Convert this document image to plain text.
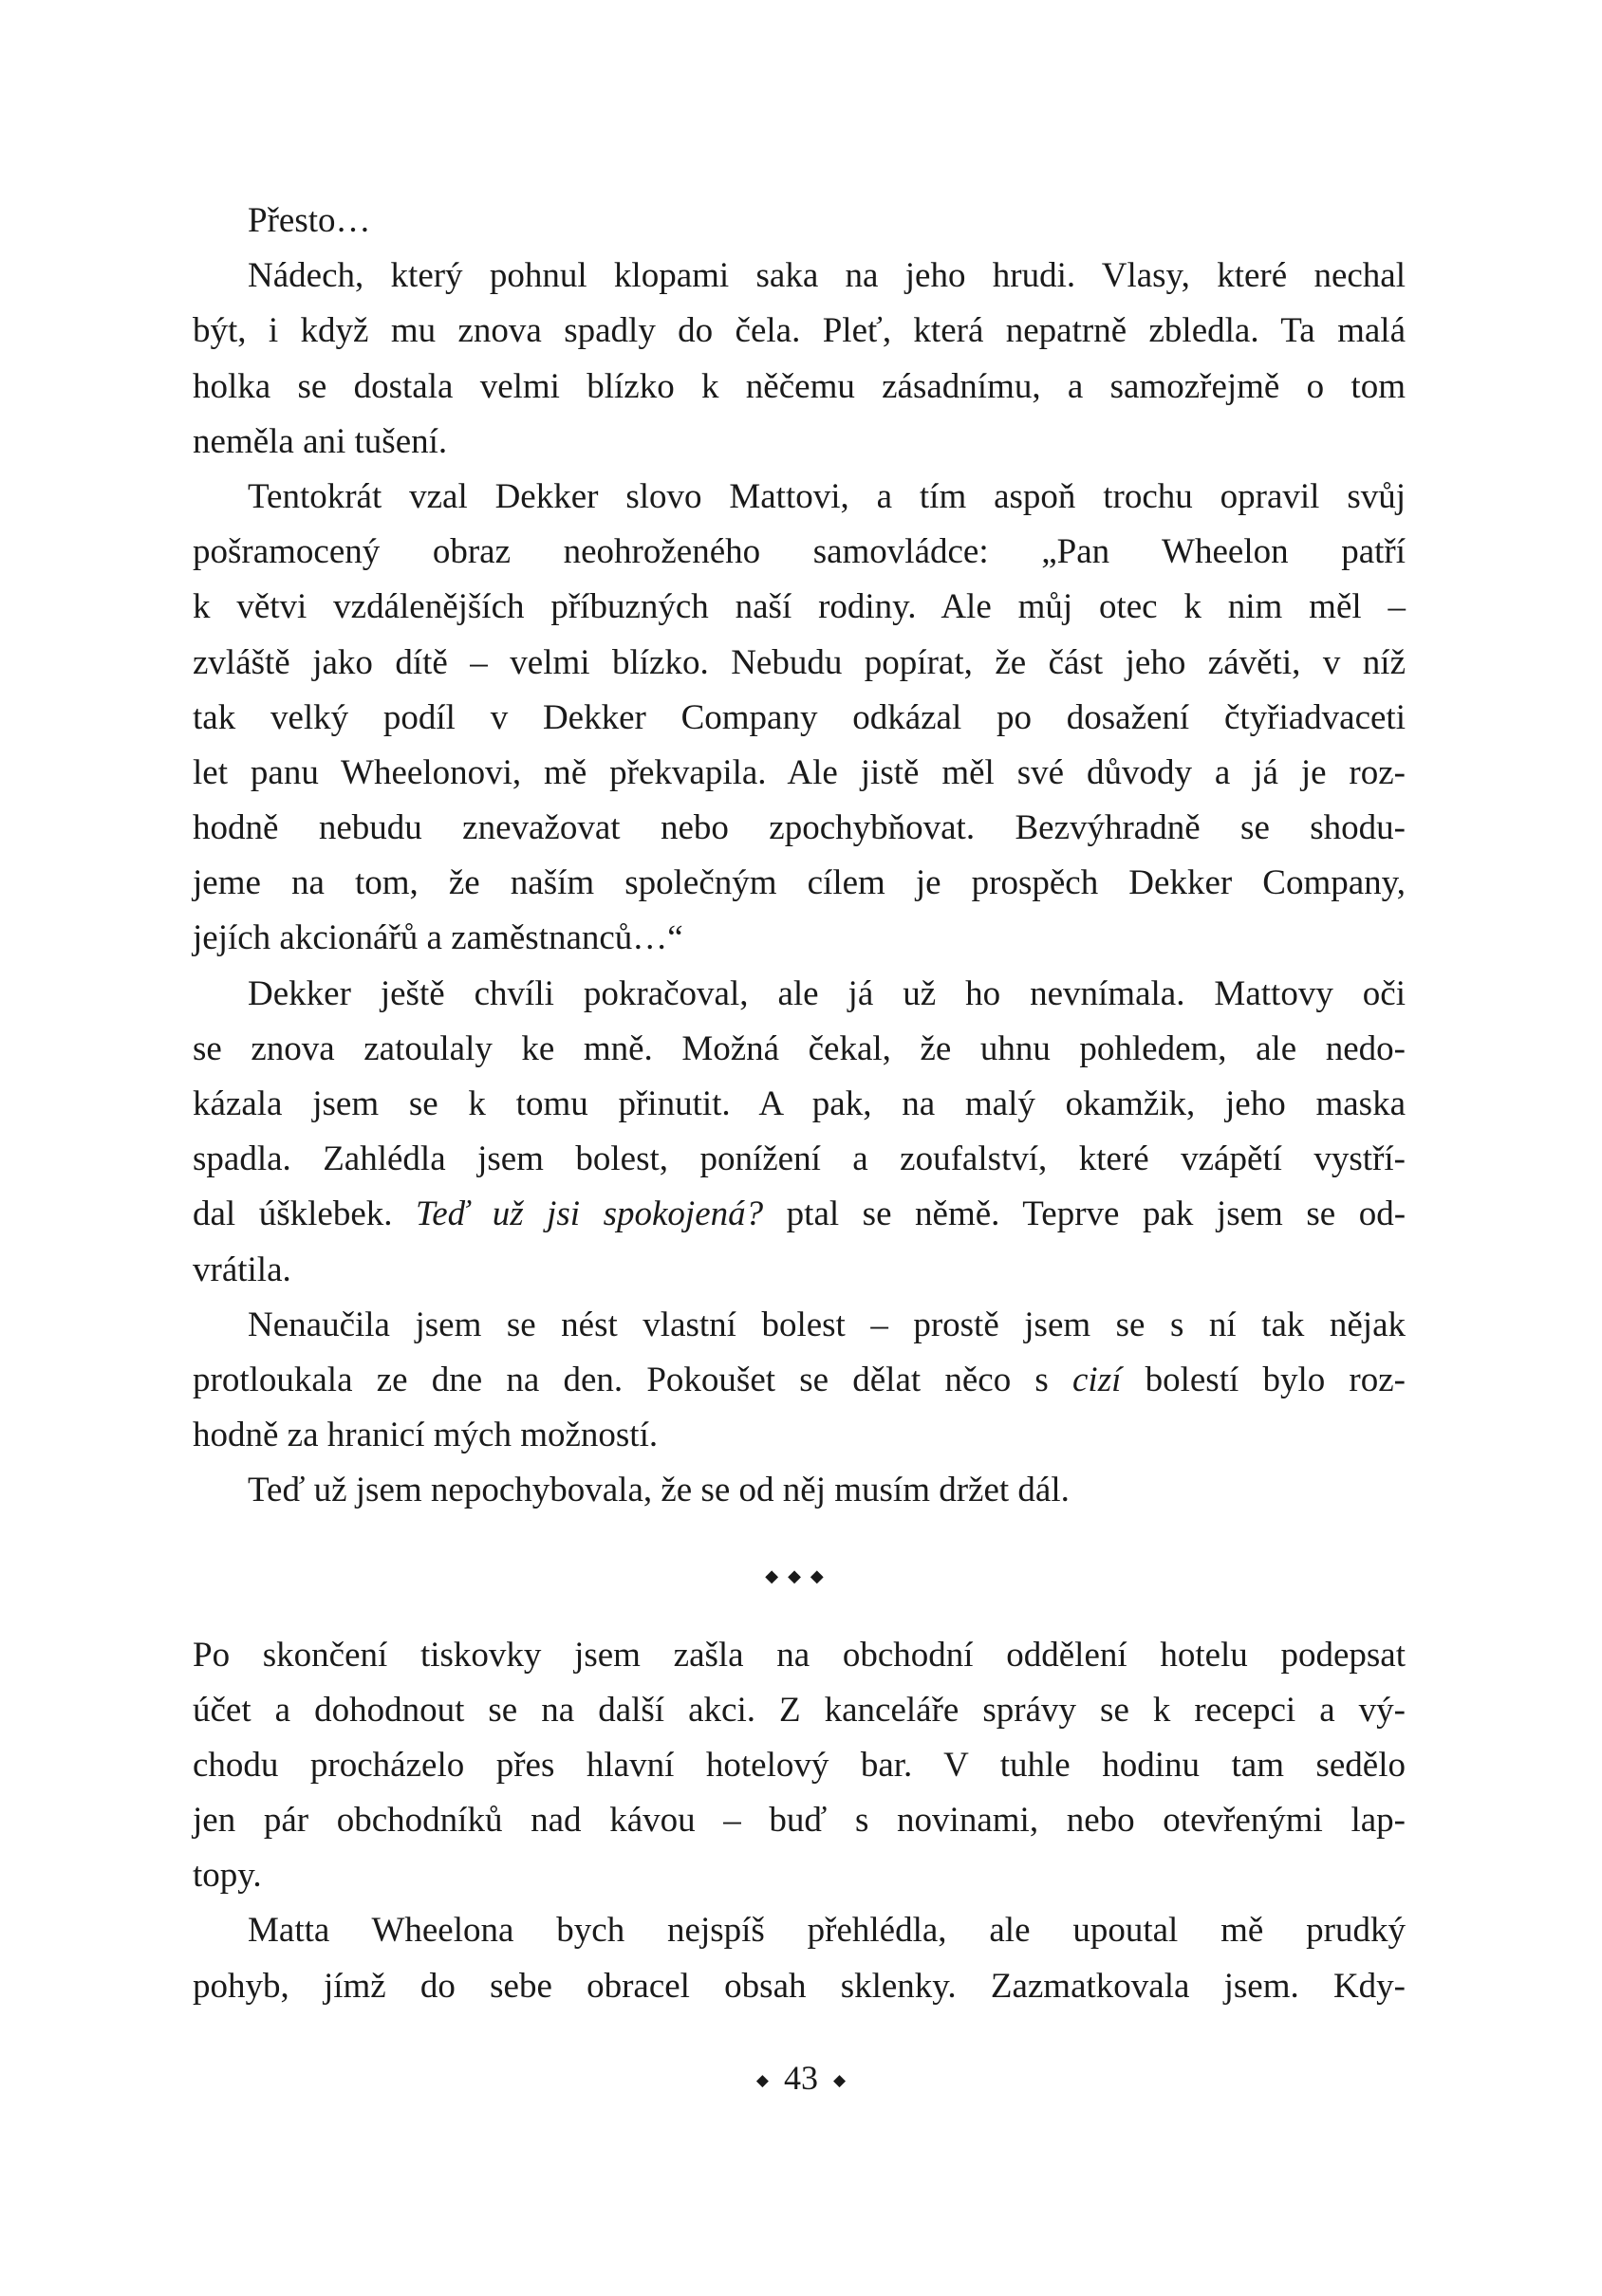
Přesto…
Nádech, který pohnul klopami saka na jeho hrudi. Vlasy, které nechal
být, i když mu znova spadly do čela. Pleť, která nepatrně zbledla. Ta malá
holka se dostala velmi blízko k něčemu zásadnímu, a samozřejmě o tom
neměla ani tušení.
Tentokrát vzal Dekker slovo Mattovi, a tím aspoň trochu opravil svůj
pošramocený obraz neohroženého samovládce: „Pan Wheelon patří
k větvi vzdálenějších příbuzných naší rodiny. Ale můj otec k nim měl –
zvláště jako dítě – velmi blízko. Nebudu popírat, že část jeho závěti, v níž
tak velký podíl v Dekker Company odkázal po dosažení čtyřiadvaceti
let panu Wheelonovi, mě překvapila. Ale jistě měl své důvody a já je roz-
hodně nebudu znevažovat nebo zpochybňovat. Bezvýhradně se shodu-
jeme na tom, že naším společným cílem je prospěch Dekker Company,
jejích akcionářů a zaměstnanců…“
Dekker ještě chvíli pokračoval, ale já už ho nevnímala. Mattovy oči
se znova zatoulaly ke mně. Možná čekal, že uhnu pohledem, ale nedo-
kázala jsem se k tomu přinutit. A pak, na malý okamžik, jeho maska
spadla. Zahlédla jsem bolest, ponížení a zoufalství, které vzápětí vystří-
dal úšklebek. Teď už jsi spokojená? ptal se němě. Teprve pak jsem se od-
vrátila.
Nenaučila jsem se nést vlastní bolest – prostě jsem se s ní tak nějak
protloukala ze dne na den. Pokoušet se dělat něco s cizí bolestí bylo roz-
hodně za hranicí mých možností.
Teď už jsem nepochybovala, že se od něj musím držet dál.
◆◆◆
Po skončení tiskovky jsem zašla na obchodní oddělení hotelu podepsat
účet a dohodnout se na další akci. Z kanceláře správy se k recepci a vý-
chodu procházelo přes hlavní hotelový bar. V tuhle hodinu tam sedělo
jen pár obchodníků nad kávou – buď s novinami, nebo otevřenými lap-
topy.
Matta Wheelona bych nejspíš přehlédla, ale upoutal mě prudký
pohyb, jímž do sebe obracel obsah sklenky. Zazmatkovala jsem. Kdy-
◆ 43 ◆
